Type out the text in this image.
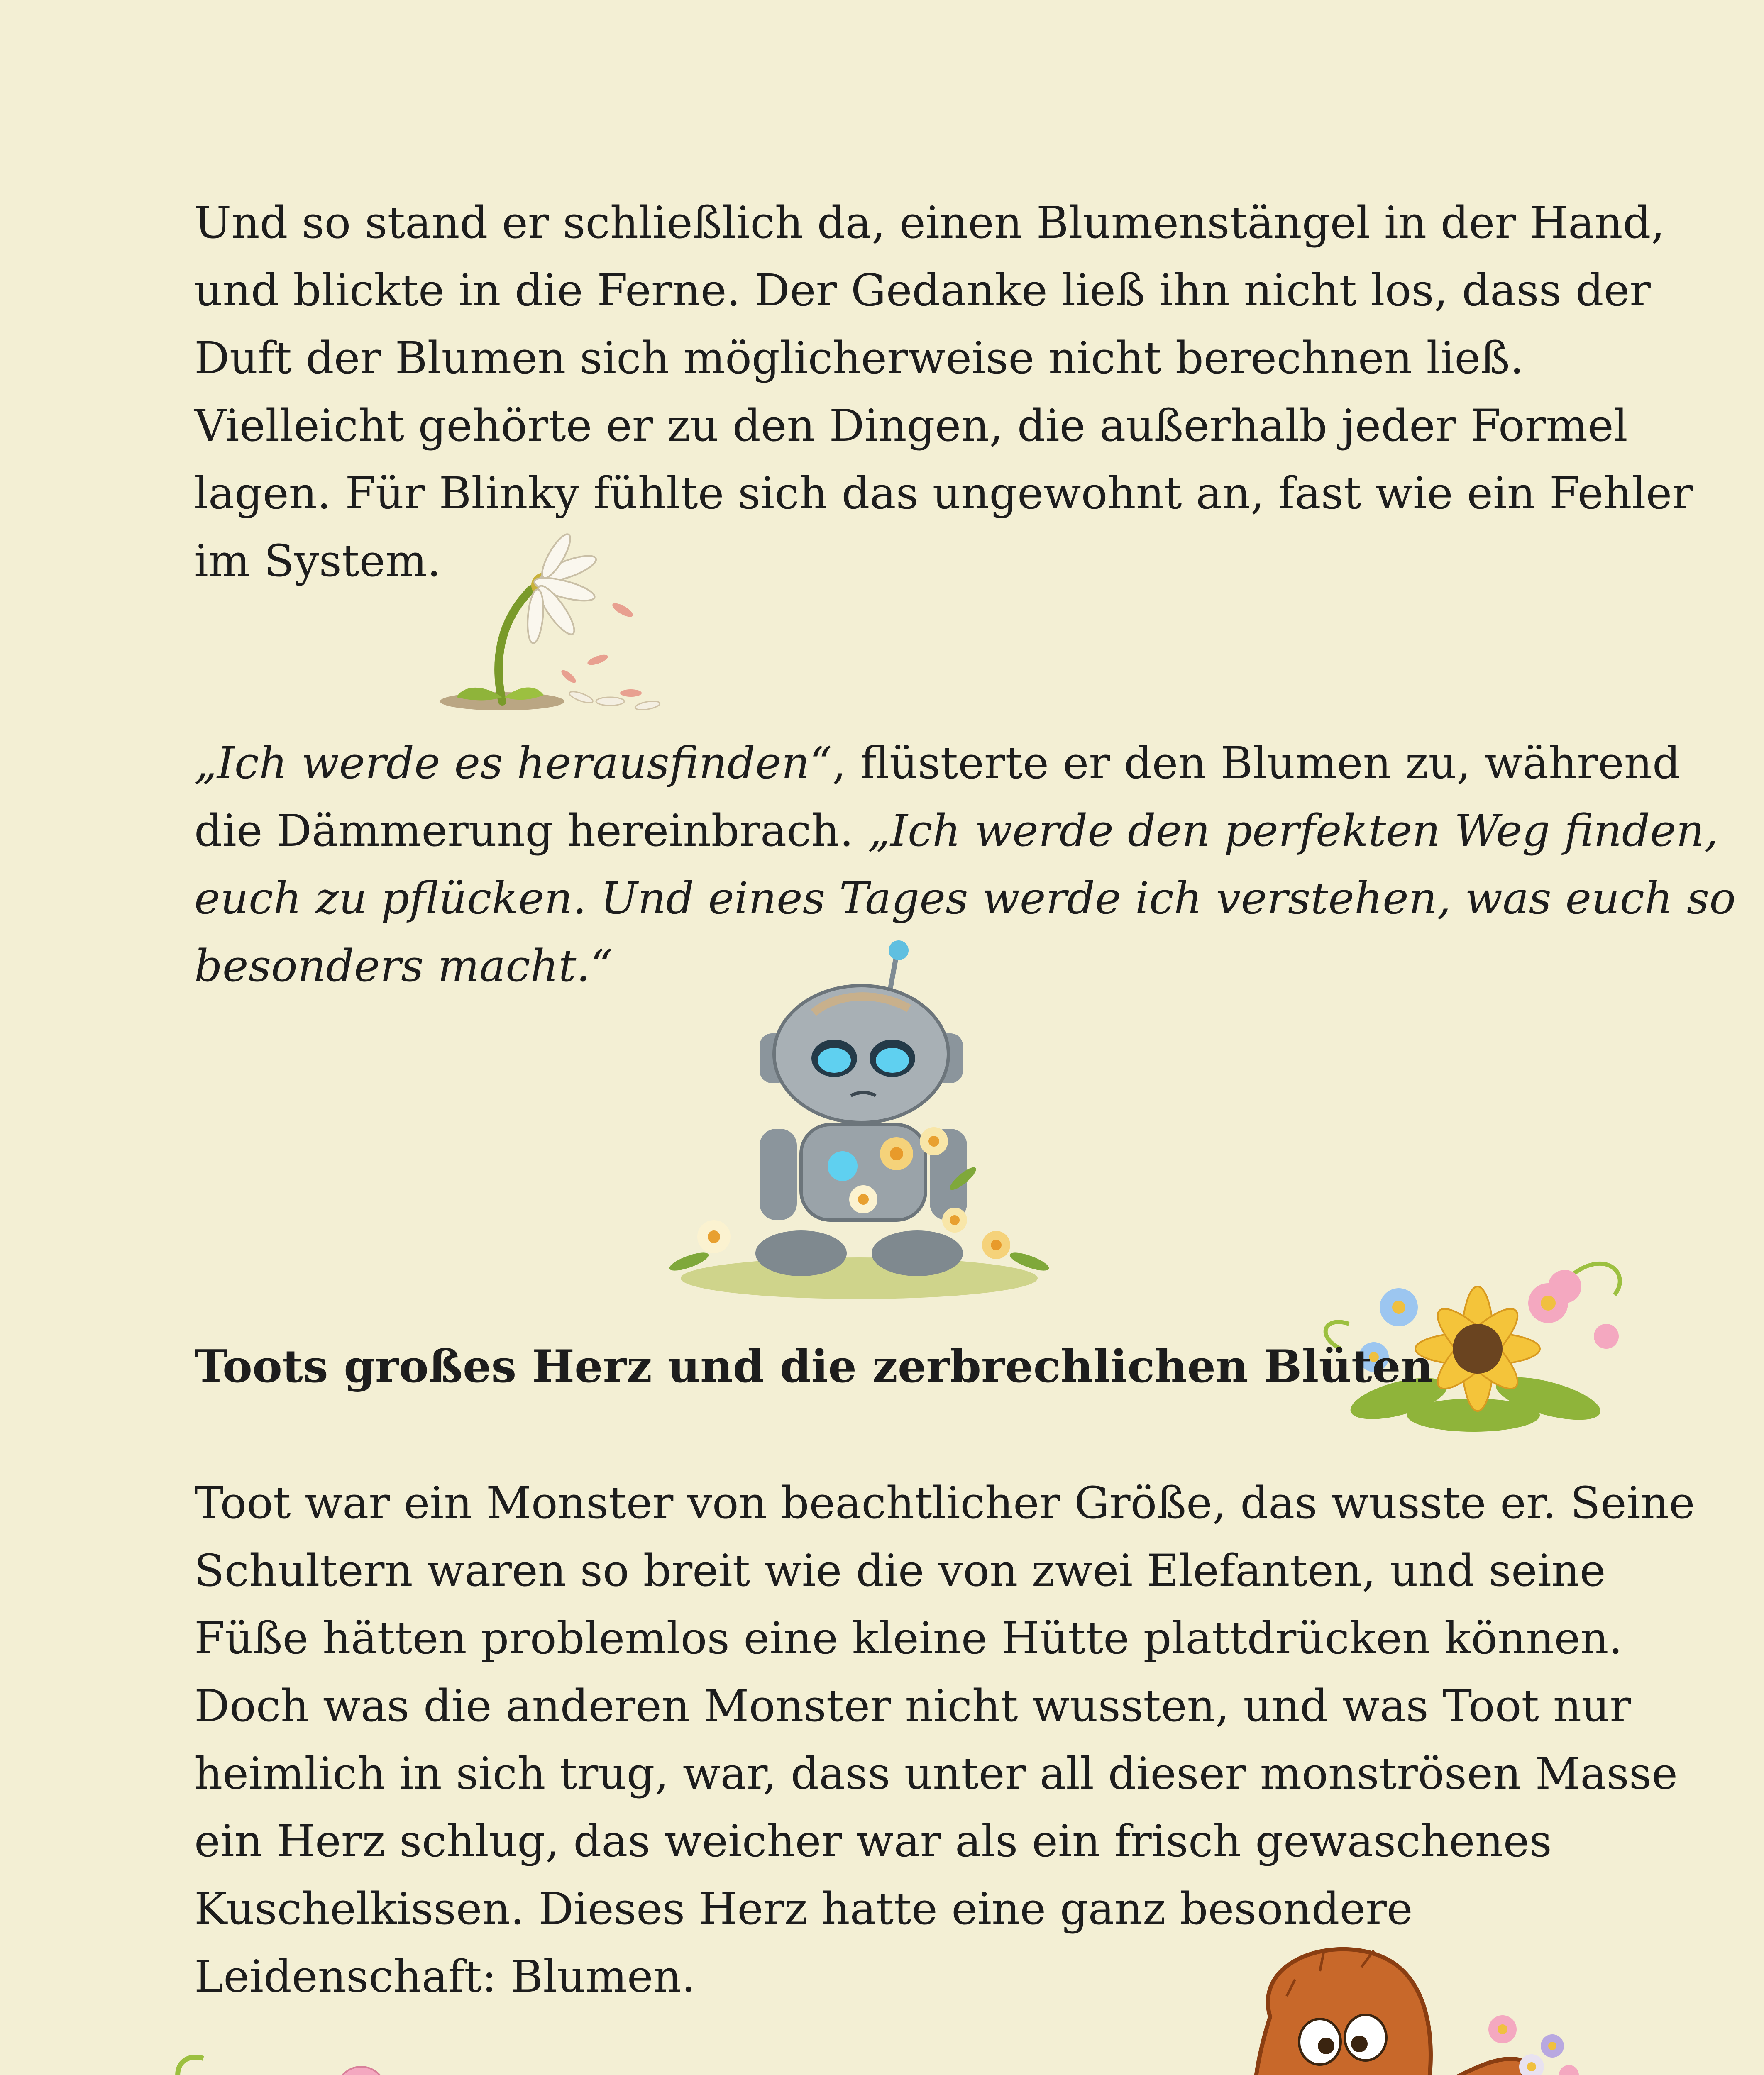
Und so stand er schließlich da, einen Blumenstängel in der Hand,
und blickte in die Ferne. Der Gedanke ließ ihn nicht los, dass der
Duft der Blumen sich möglicherweise nicht berechnen ließ.
Vielleicht gehörte er zu den Dingen, die außerhalb jeder Formel
lagen. Für Blinky fühlte sich das ungewohnt an, fast wie ein Fehler
im System.

„Ich werde es herausfinden“, flüsterte er den Blumen zu, während
die Dämmerung hereinbrach. „Ich werde den perfekten Weg finden,
euch zu pflücken. Und eines Tages werde ich verstehen, was euch so
besonders macht.“

Toots großes Herz und die zerbrechlichen Blüten

Toot war ein Monster von beachtlicher Größe, das wusste er. Seine
Schultern waren so breit wie die von zwei Elefanten, und seine
Füße hätten problemlos eine kleine Hütte plattdrücken können.
Doch was die anderen Monster nicht wussten, und was Toot nur
heimlich in sich trug, war, dass unter all dieser monströsen Masse
ein Herz schlug, das weicher war als ein frisch gewaschenes
Kuschelkissen. Dieses Herz hatte eine ganz besondere
Leidenschaft: Blumen.
